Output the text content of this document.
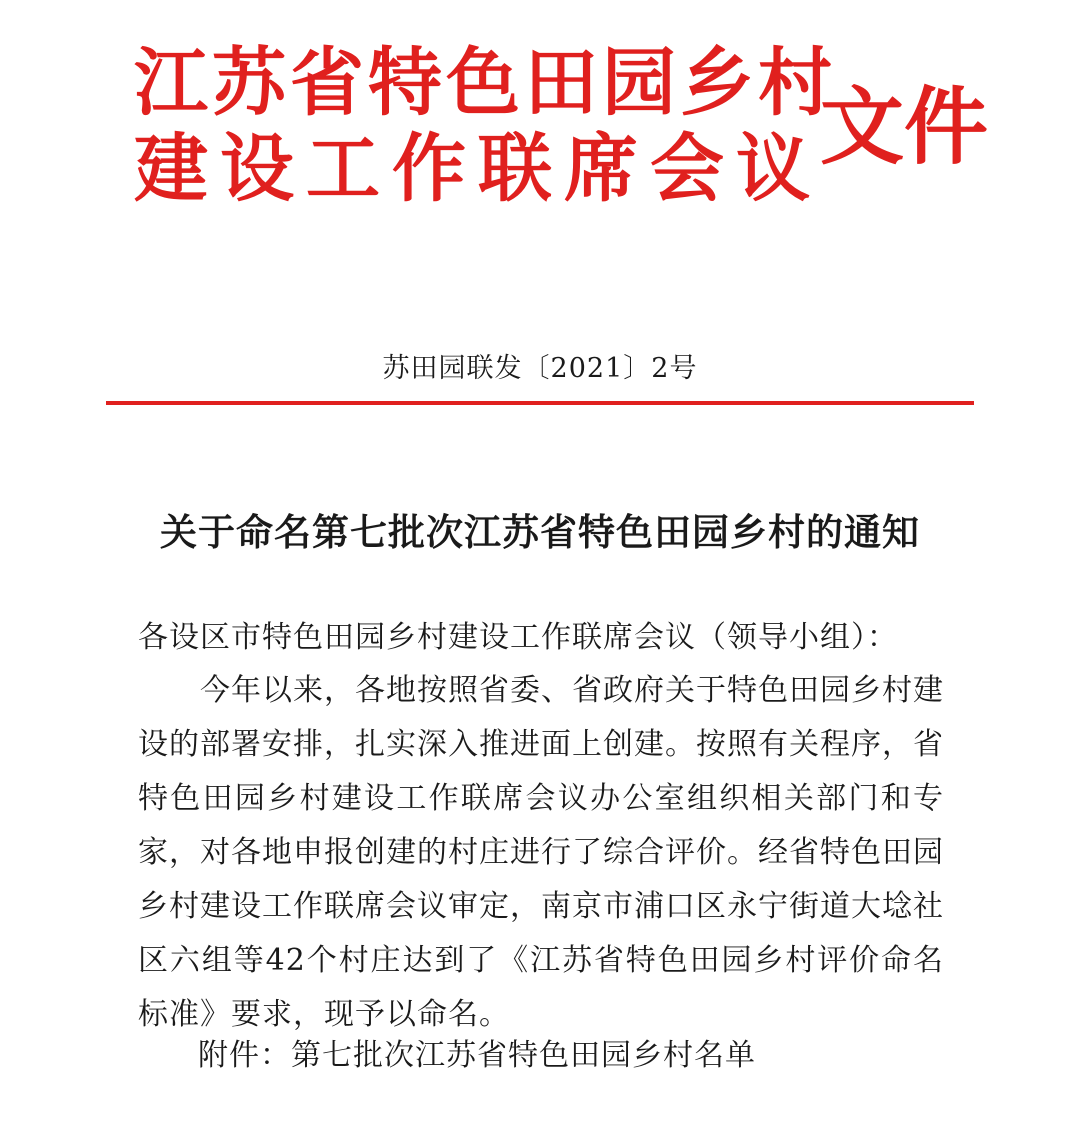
江苏省特色田园乡村
建设工作联席会议
文件
苏田园联发〔2021〕2号
关于命名第七批次江苏省特色田园乡村的通知
各设区市特色田园乡村建设工作联席会议（领导小组）：
今年以来，各地按照省委、省政府关于特色田园乡村建设的部署安排，扎实深入推进面上创建。按照有关程序，省特色田园乡村建设工作联席会议办公室组织相关部门和专家，对各地申报创建的村庄进行了综合评价。经省特色田园乡村建设工作联席会议审定，南京市浦口区永宁街道大埝社区六组等42个村庄达到了《江苏省特色田园乡村评价命名标准》要求，现予以命名。
附件：第七批次江苏省特色田园乡村名单
